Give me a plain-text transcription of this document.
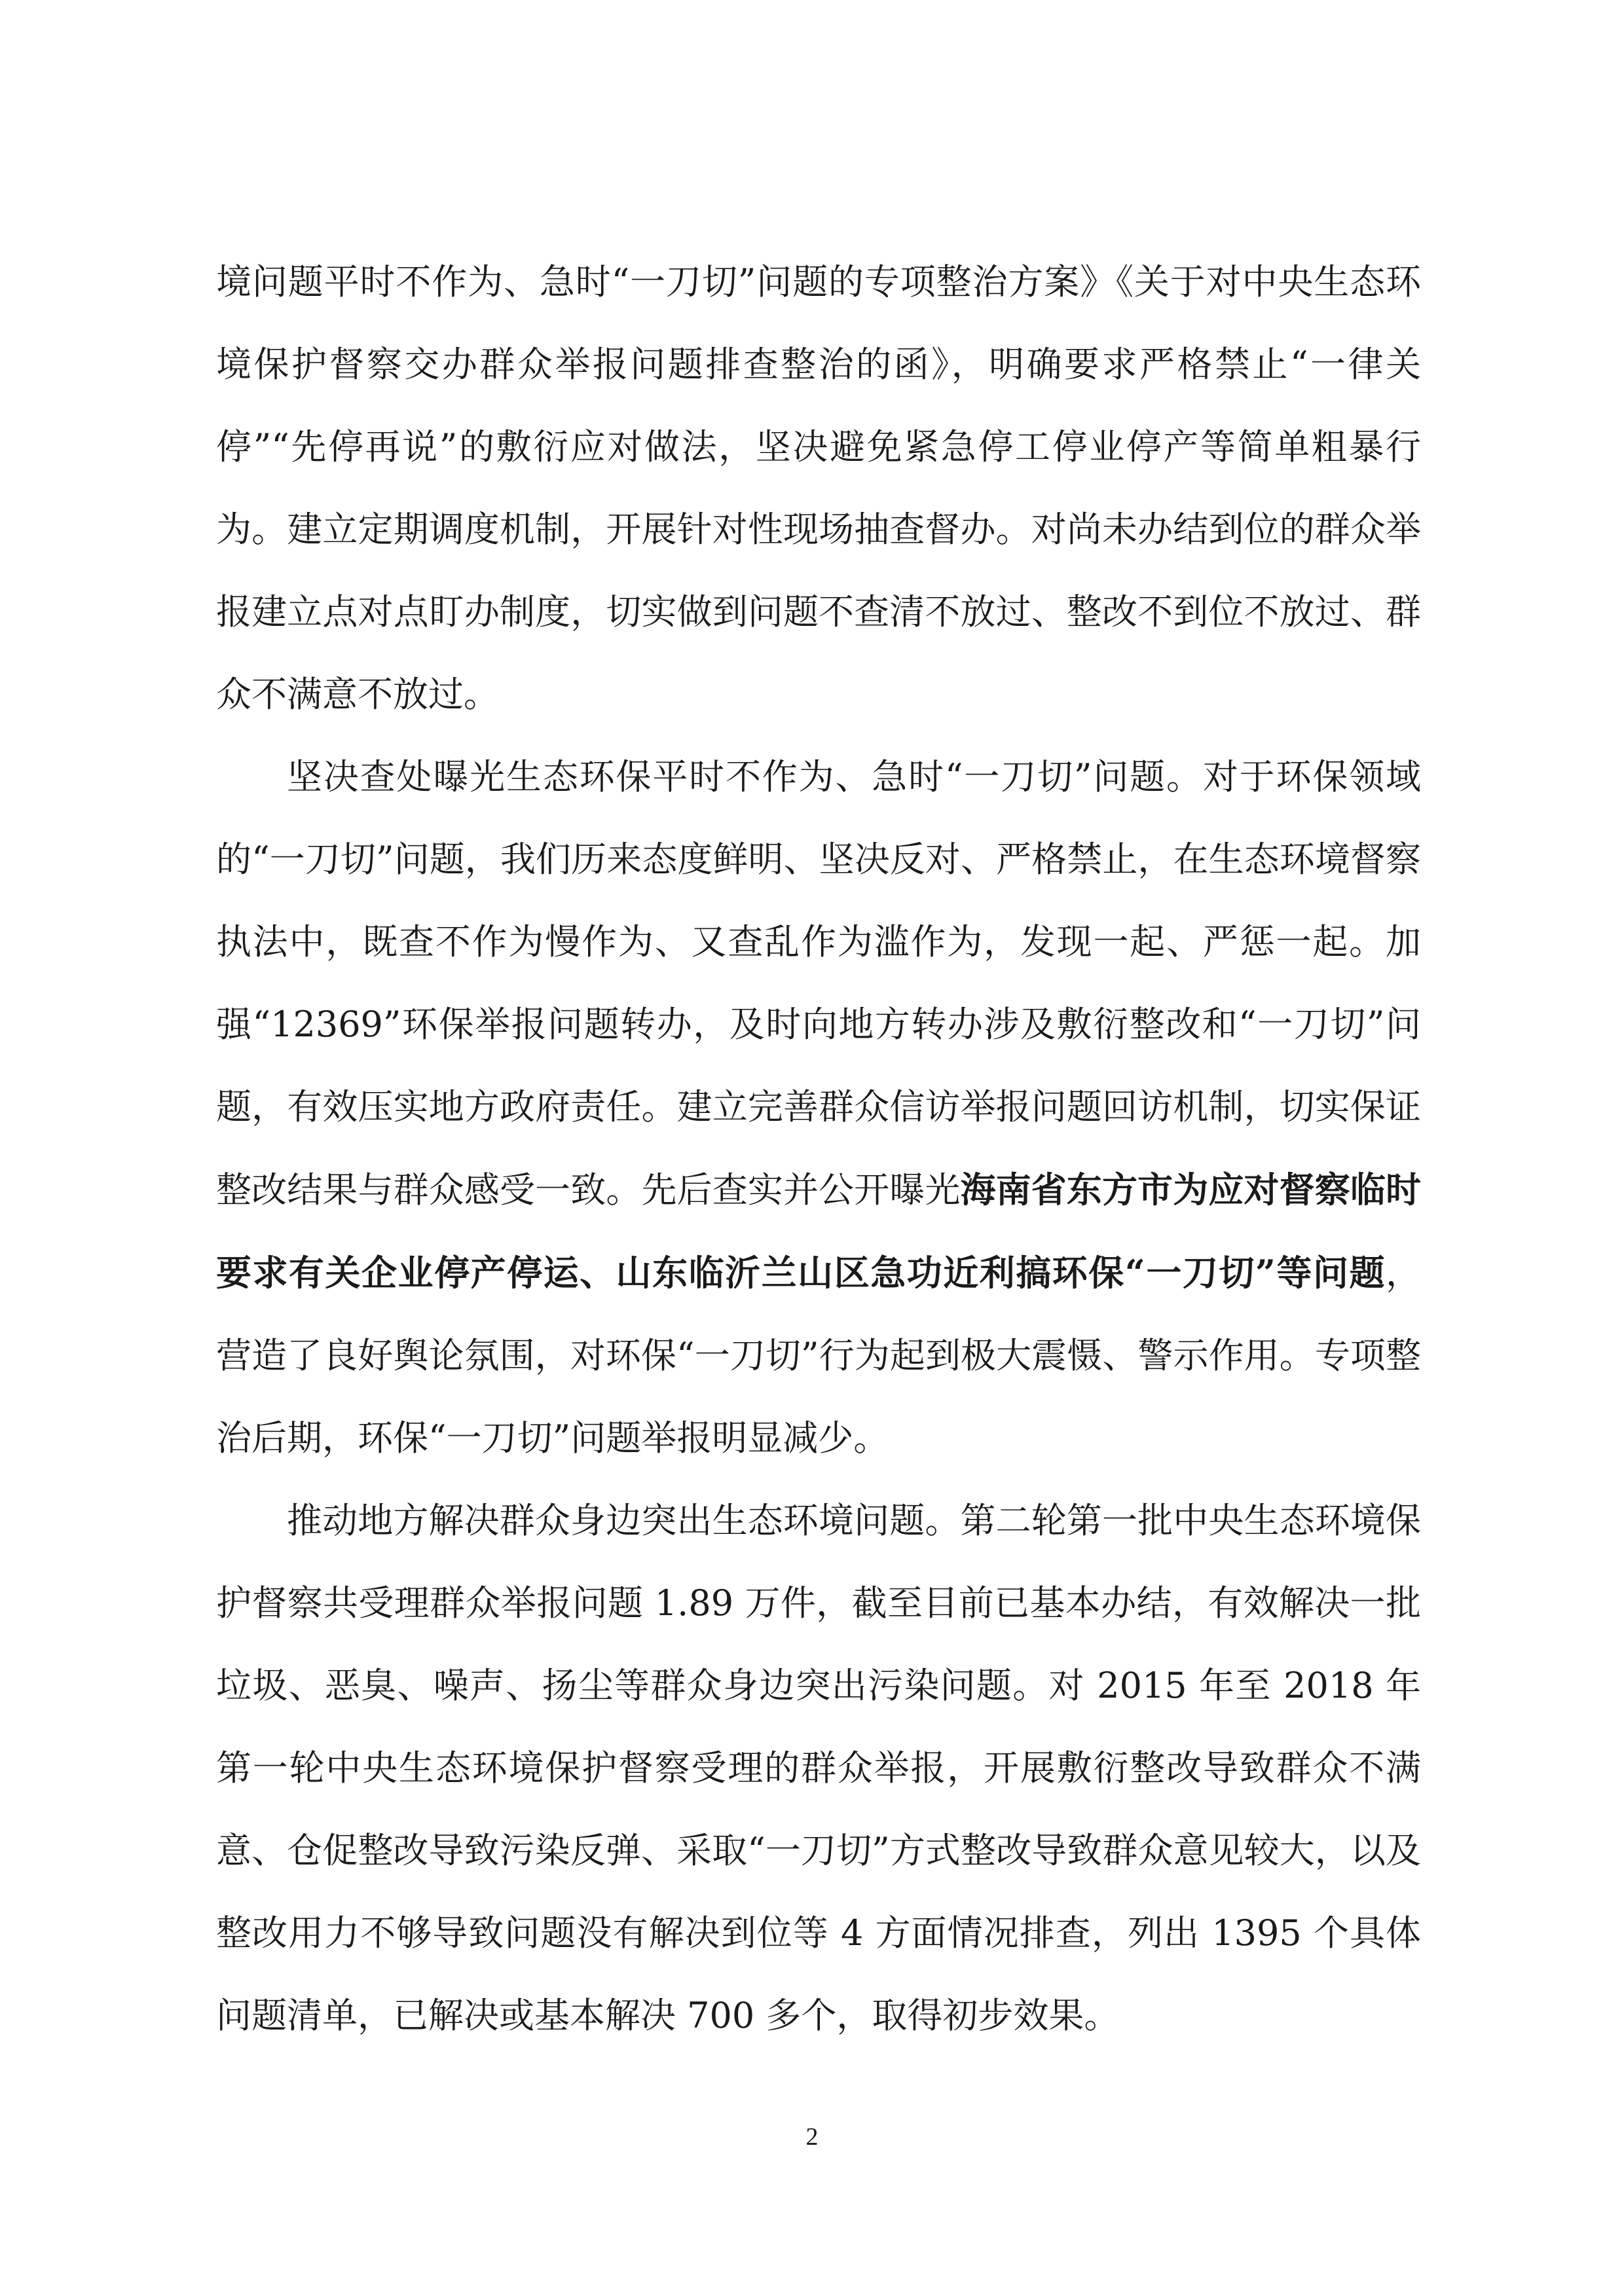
境问题平时不作为、急时“一刀切”问题的专项整治方案》《关于对中央生态环境保护督察交办群众举报问题排查整治的函》，明确要求严格禁止“一律关停”“先停再说”的敷衍应对做法，坚决避免紧急停工停业停产等简单粗暴行为。建立定期调度机制，开展针对性现场抽查督办。对尚未办结到位的群众举报建立点对点盯办制度，切实做到问题不查清不放过、整改不到位不放过、群众不满意不放过。

坚决查处曝光生态环保平时不作为、急时“一刀切”问题。对于环保领域的“一刀切”问题，我们历来态度鲜明、坚决反对、严格禁止，在生态环境督察执法中，既查不作为慢作为、又查乱作为滥作为，发现一起、严惩一起。加强“12369”环保举报问题转办，及时向地方转办涉及敷衍整改和“一刀切”问题，有效压实地方政府责任。建立完善群众信访举报问题回访机制，切实保证整改结果与群众感受一致。先后查实并公开曝光海南省东方市为应对督察临时要求有关企业停产停运、山东临沂兰山区急功近利搞环保“一刀切”等问题，营造了良好舆论氛围，对环保“一刀切”行为起到极大震慑、警示作用。专项整治后期，环保“一刀切”问题举报明显减少。

推动地方解决群众身边突出生态环境问题。第二轮第一批中央生态环境保护督察共受理群众举报问题 1.89 万件，截至目前已基本办结，有效解决一批垃圾、恶臭、噪声、扬尘等群众身边突出污染问题。对 2015 年至 2018 年第一轮中央生态环境保护督察受理的群众举报，开展敷衍整改导致群众不满意、仓促整改导致污染反弹、采取“一刀切”方式整改导致群众意见较大，以及整改用力不够导致问题没有解决到位等 4 方面情况排查，列出 1395 个具体问题清单，已解决或基本解决 700 多个，取得初步效果。

2
